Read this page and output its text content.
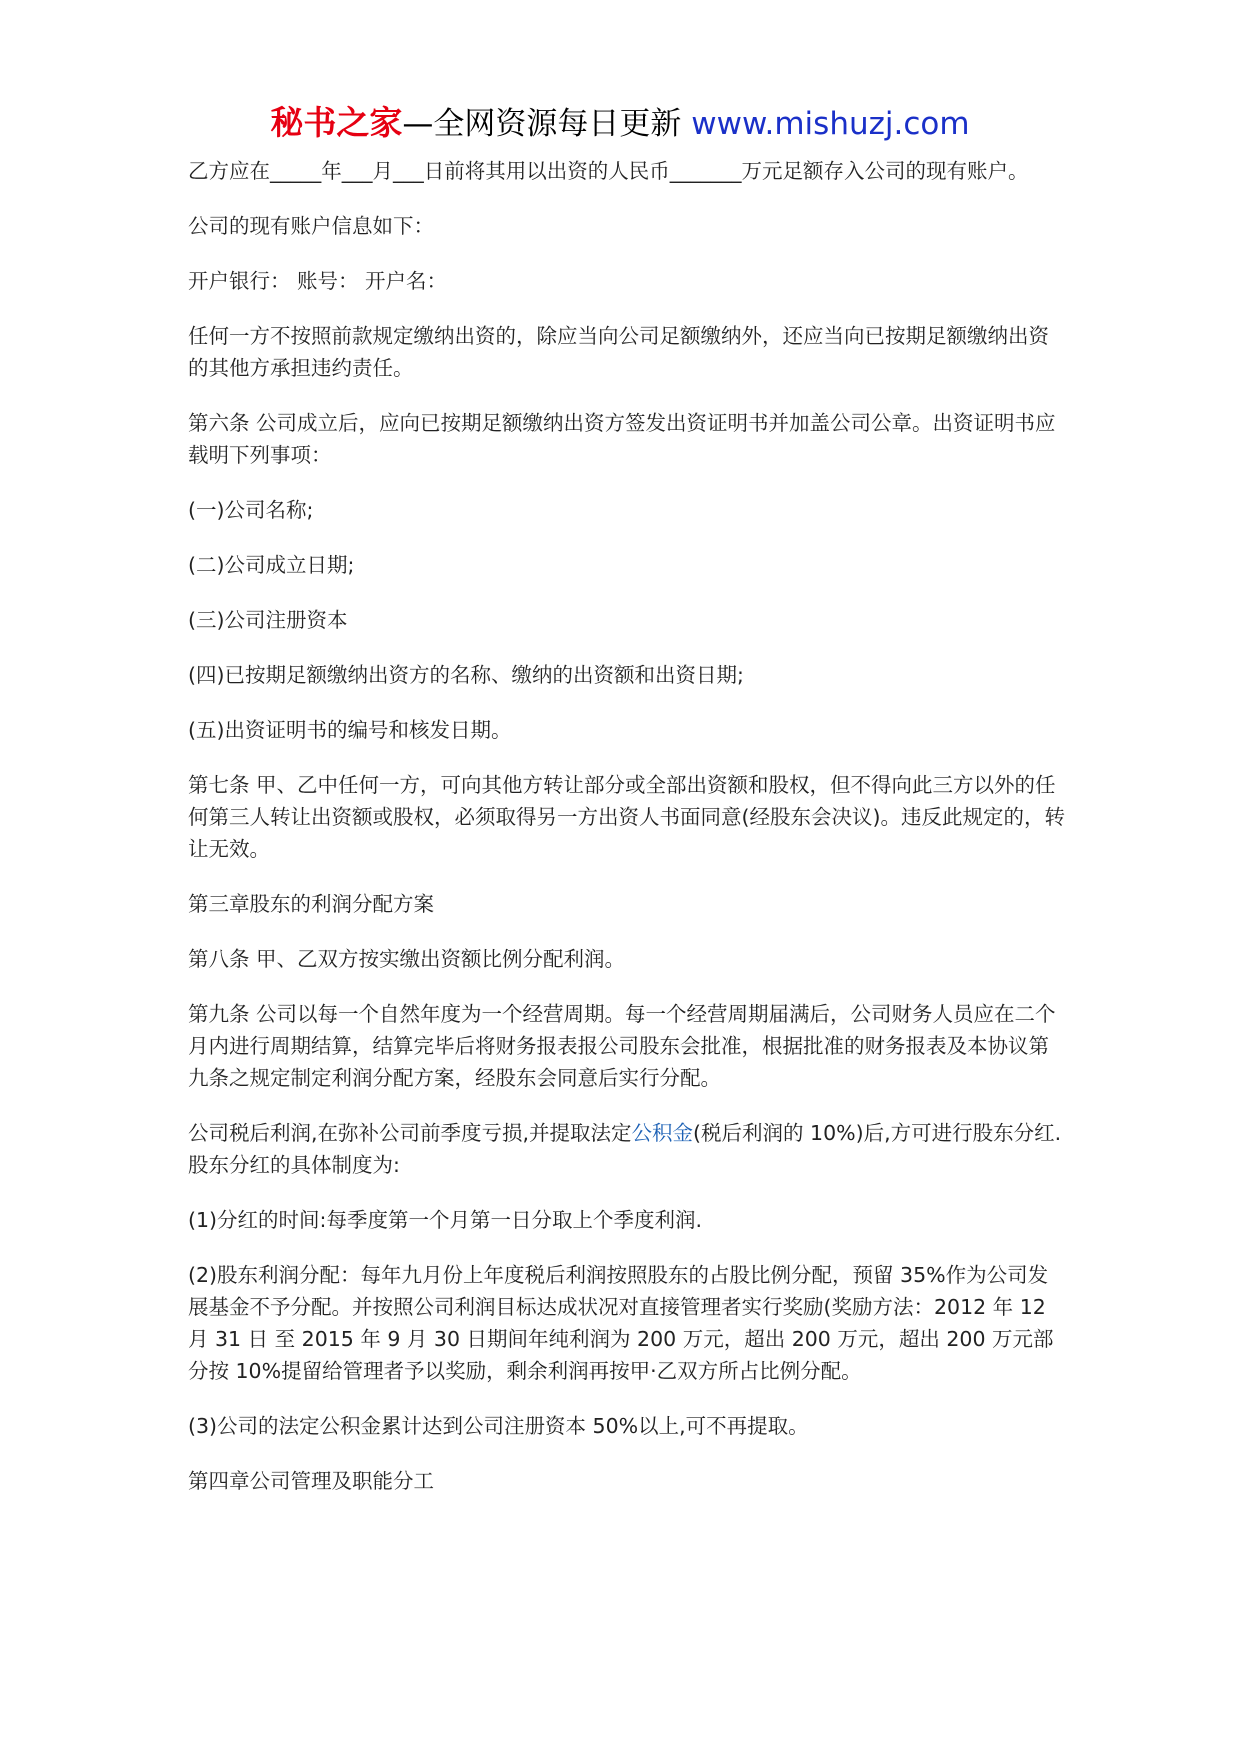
秘书之家—全网资源每日更新 www.mishuzj.com

乙方应在_____年___月___日前将其用以出资的人民币_______万元足额存入公司的现有账户。

公司的现有账户信息如下：

开户银行： 账号： 开户名：

任何一方不按照前款规定缴纳出资的，除应当向公司足额缴纳外，还应当向已按期足额缴纳出资的其他方承担违约责任。

第六条 公司成立后，应向已按期足额缴纳出资方签发出资证明书并加盖公司公章。出资证明书应载明下列事项：

(一)公司名称;

(二)公司成立日期;

(三)公司注册资本

(四)已按期足额缴纳出资方的名称、缴纳的出资额和出资日期;

(五)出资证明书的编号和核发日期。

第七条 甲、乙中任何一方，可向其他方转让部分或全部出资额和股权，但不得向此三方以外的任何第三人转让出资额或股权，必须取得另一方出资人书面同意(经股东会决议)。违反此规定的，转让无效。

第三章股东的利润分配方案

第八条 甲、乙双方按实缴出资额比例分配利润。

第九条 公司以每一个自然年度为一个经营周期。每一个经营周期届满后，公司财务人员应在二个月内进行周期结算，结算完毕后将财务报表报公司股东会批准，根据批准的财务报表及本协议第九条之规定制定利润分配方案，经股东会同意后实行分配。

公司税后利润,在弥补公司前季度亏损,并提取法定公积金(税后利润的 10%)后,方可进行股东分红.股东分红的具体制度为:

(1)分红的时间:每季度第一个月第一日分取上个季度利润.

(2)股东利润分配：每年九月份上年度税后利润按照股东的占股比例分配，预留 35%作为公司发展基金不予分配。并按照公司利润目标达成状况对直接管理者实行奖励(奖励方法：2012 年 12 月 31 日 至 2015 年 9 月 30 日期间年纯利润为 200 万元，超出 200 万元，超出 200 万元部分按 10%提留给管理者予以奖励，剩余利润再按甲·乙双方所占比例分配。

(3)公司的法定公积金累计达到公司注册资本 50%以上,可不再提取。

第四章公司管理及职能分工
